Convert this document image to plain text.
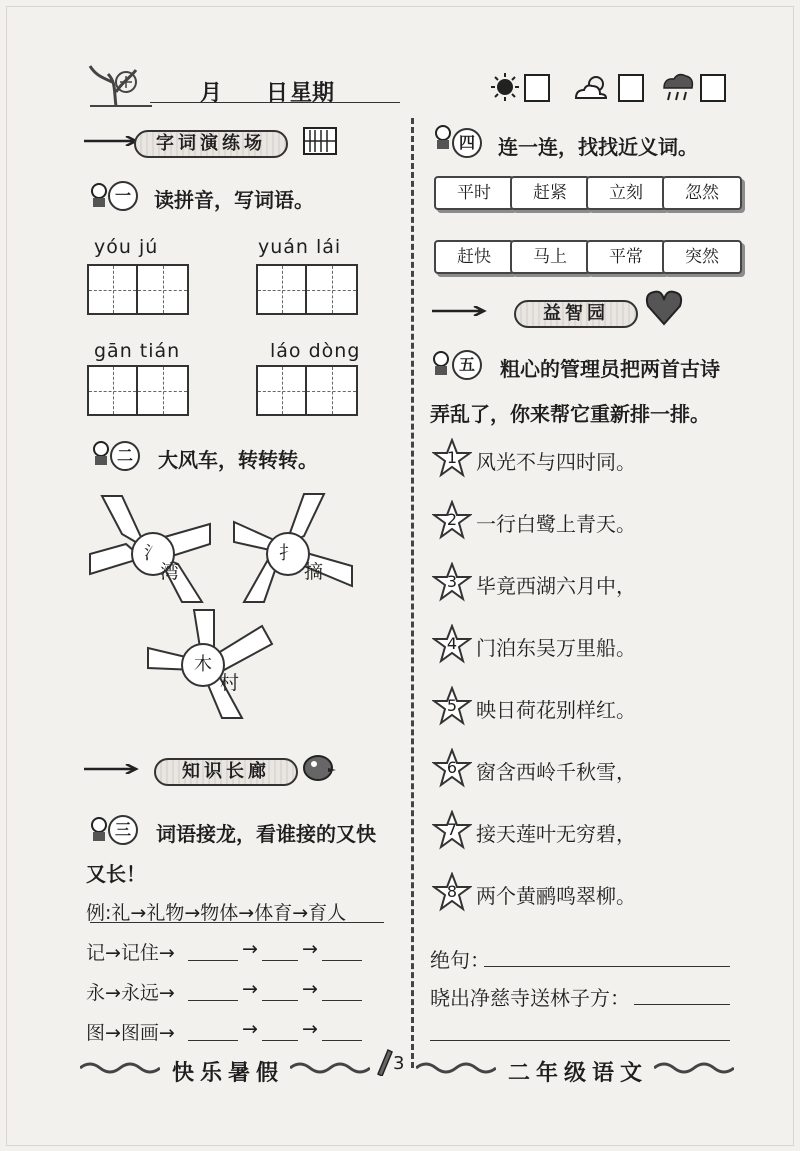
月 日 星期
字词演练场
一	读拼音，写词语。
yóu jú	yuán lái
gān tián	láo dòng
二	大风车，转转转。
氵
湾
扌
摘
木
村
知识长廊
三	词语接龙，看谁接的又快
又长！
例:礼→礼物→物体→体育→育人
记→记住→	→ →
永→永远→	→ →
图→图画→	→ →
四	连一连，找找近义词。
平时	赶紧	立刻	忽然
赶快	马上	平常	突然
益智园
五	粗心的管理员把两首古诗
弄乱了，你来帮它重新排一排。
1 风光不与四时同。
2 一行白鹭上青天。
3 毕竟西湖六月中，
4 门泊东吴万里船。
5 映日荷花别样红。
6 窗含西岭千秋雪，
7 接天莲叶无穷碧，
8 两个黄鹂鸣翠柳。
绝句：
晓出净慈寺送林子方：
快乐暑假	3	二年级语文
